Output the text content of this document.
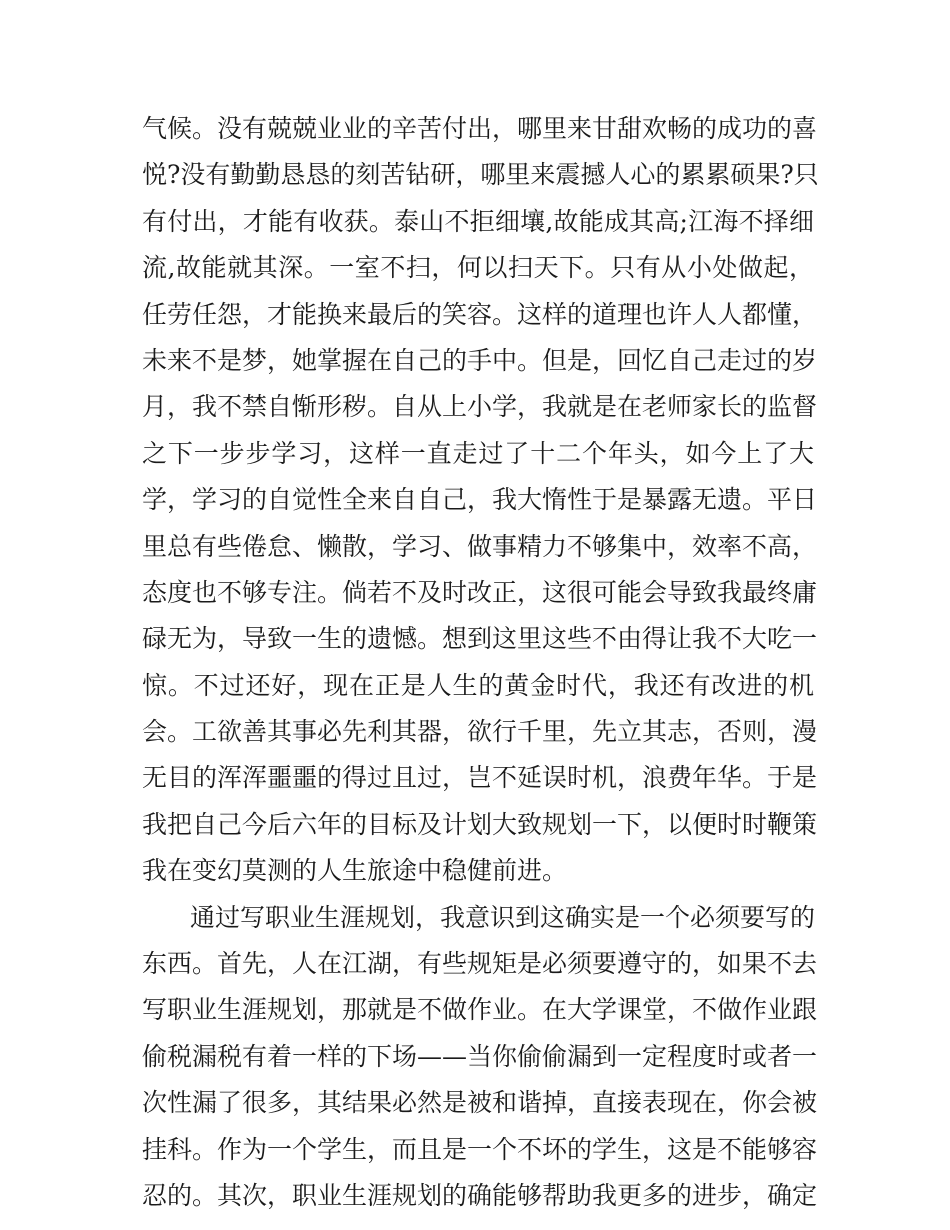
气候。没有兢兢业业的辛苦付出，哪里来甘甜欢畅的成功的喜
悦?没有勤勤恳恳的刻苦钻研，哪里来震撼人心的累累硕果?只
有付出，才能有收获。泰山不拒细壤,故能成其高;江海不择细
流,故能就其深。一室不扫，何以扫天下。只有从小处做起，
任劳任怨，才能换来最后的笑容。这样的道理也许人人都懂，
未来不是梦，她掌握在自己的手中。但是，回忆自己走过的岁
月，我不禁自惭形秽。自从上小学，我就是在老师家长的监督
之下一步步学习，这样一直走过了十二个年头，如今上了大
学，学习的自觉性全来自自己，我大惰性于是暴露无遗。平日
里总有些倦怠、懒散，学习、做事精力不够集中，效率不高，
态度也不够专注。倘若不及时改正，这很可能会导致我最终庸
碌无为，导致一生的遗憾。想到这里这些不由得让我不大吃一
惊。不过还好，现在正是人生的黄金时代，我还有改进的机
会。工欲善其事必先利其器，欲行千里，先立其志，否则，漫
无目的浑浑噩噩的得过且过，岂不延误时机，浪费年华。于是
我把自己今后六年的目标及计划大致规划一下，以便时时鞭策
我在变幻莫测的人生旅途中稳健前进。
通过写职业生涯规划，我意识到这确实是一个必须要写的
东西。首先，人在江湖，有些规矩是必须要遵守的，如果不去
写职业生涯规划，那就是不做作业。在大学课堂，不做作业跟
偷税漏税有着一样的下场——当你偷偷漏到一定程度时或者一
次性漏了很多，其结果必然是被和谐掉，直接表现在，你会被
挂科。作为一个学生，而且是一个不坏的学生，这是不能够容
忍的。其次，职业生涯规划的确能够帮助我更多的进步，确定
